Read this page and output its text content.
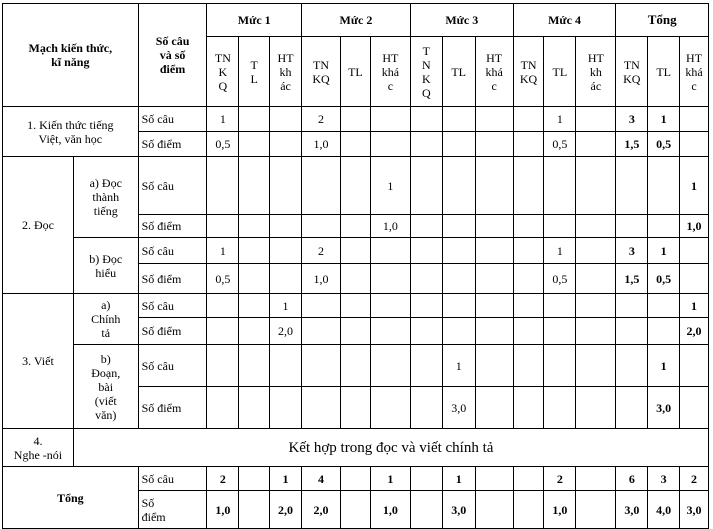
Mạch kiến thức,
kĩ năng		Số câu
và số
điểm	Mức 1			Mức 2			Mức 3			Mức 4			Tổng		
			TN
K
Q	T
L	HT
kh
ác	TN
KQ	TL	HT
khá
c	T
N
K
Q	TL	HT
khá
c	TN
KQ	TL	HT
kh
ác	TN
KQ	TL	HT
khá
c
1. Kiến thức tiếng
Việt, văn học		Số câu	1			2							1		3	1	
		Số điểm	0,5			1,0							0,5		1,5	0,5	
2. Đọc	a) Đọc
thành
tiếng	Số câu						1									1
		Số điểm						1,0									1,0
	b) Đọc
hiểu	Số câu	1			2							1		3	1	
		Số điểm	0,5			1,0							0,5		1,5	0,5	
3. Viết	a)
Chính
tả	Số câu			1												1
		Số điểm			2,0												2,0
	b)
Đoạn,
bài
(viết
văn)	Số câu								1						1	
		Số điểm								3,0						3,0	
4.
Nghe -nói	Kết hợp trong đọc và viết chính tả																
Tổng		Số câu	2		1	4		1		1			2		6	3	2
		Số
điểm	1,0		2,0	2,0		1,0		3,0			1,0		3,0	4,0	3,0
